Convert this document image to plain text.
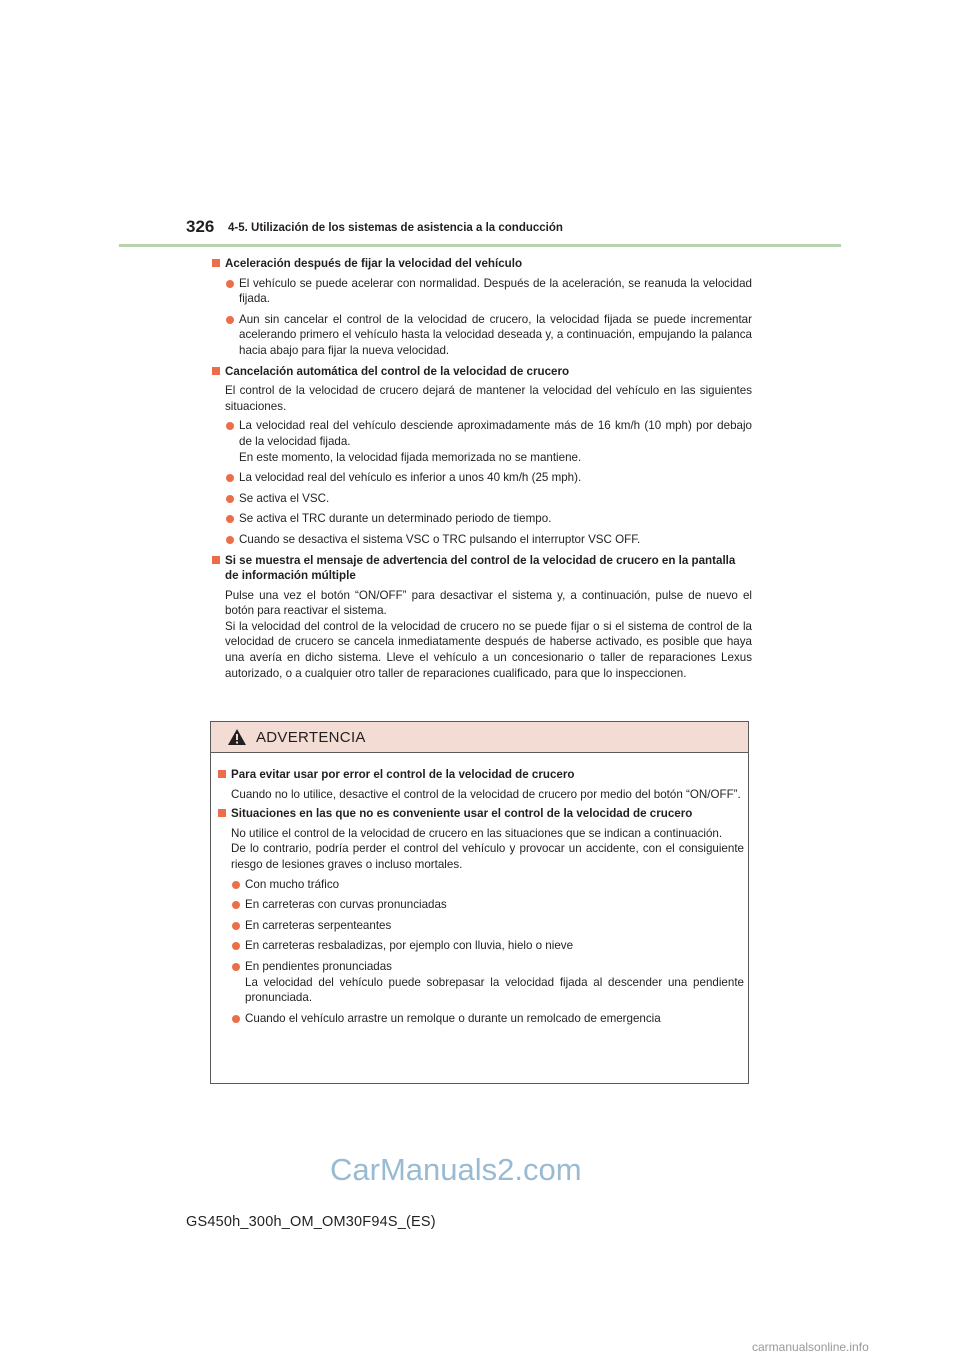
326 4-5. Utilización de los sistemas de asistencia a la conducción
Aceleración después de fijar la velocidad del vehículo
El vehículo se puede acelerar con normalidad. Después de la aceleración, se reanuda la velocidad fijada.
Aun sin cancelar el control de la velocidad de crucero, la velocidad fijada se puede incrementar acelerando primero el vehículo hasta la velocidad deseada y, a continuación, empujando la palanca hacia abajo para fijar la nueva velocidad.
Cancelación automática del control de la velocidad de crucero
El control de la velocidad de crucero dejará de mantener la velocidad del vehículo en las siguientes situaciones.
La velocidad real del vehículo desciende aproximadamente más de 16 km/h (10 mph) por debajo de la velocidad fijada.
En este momento, la velocidad fijada memorizada no se mantiene.
La velocidad real del vehículo es inferior a unos 40 km/h (25 mph).
Se activa el VSC.
Se activa el TRC durante un determinado periodo de tiempo.
Cuando se desactiva el sistema VSC o TRC pulsando el interruptor VSC OFF.
Si se muestra el mensaje de advertencia del control de la velocidad de crucero en la pantalla de información múltiple
Pulse una vez el botón “ON/OFF” para desactivar el sistema y, a continuación, pulse de nuevo el botón para reactivar el sistema.
Si la velocidad del control de la velocidad de crucero no se puede fijar o si el sistema de control de la velocidad de crucero se cancela inmediatamente después de haberse activado, es posible que haya una avería en dicho sistema. Lleve el vehículo a un concesionario o taller de reparaciones Lexus autorizado, o a cualquier otro taller de reparaciones cualificado, para que lo inspeccionen.
ADVERTENCIA
Para evitar usar por error el control de la velocidad de crucero
Cuando no lo utilice, desactive el control de la velocidad de crucero por medio del botón “ON/OFF”.
Situaciones en las que no es conveniente usar el control de la velocidad de crucero
No utilice el control de la velocidad de crucero en las situaciones que se indican a continuación.
De lo contrario, podría perder el control del vehículo y provocar un accidente, con el consiguiente riesgo de lesiones graves o incluso mortales.
Con mucho tráfico
En carreteras con curvas pronunciadas
En carreteras serpenteantes
En carreteras resbaladizas, por ejemplo con lluvia, hielo o nieve
En pendientes pronunciadas
La velocidad del vehículo puede sobrepasar la velocidad fijada al descender una pendiente pronunciada.
Cuando el vehículo arrastre un remolque o durante un remolcado de emergencia
CarManuals2.com
GS450h_300h_OM_OM30F94S_(ES)
carmanualsonline.info
